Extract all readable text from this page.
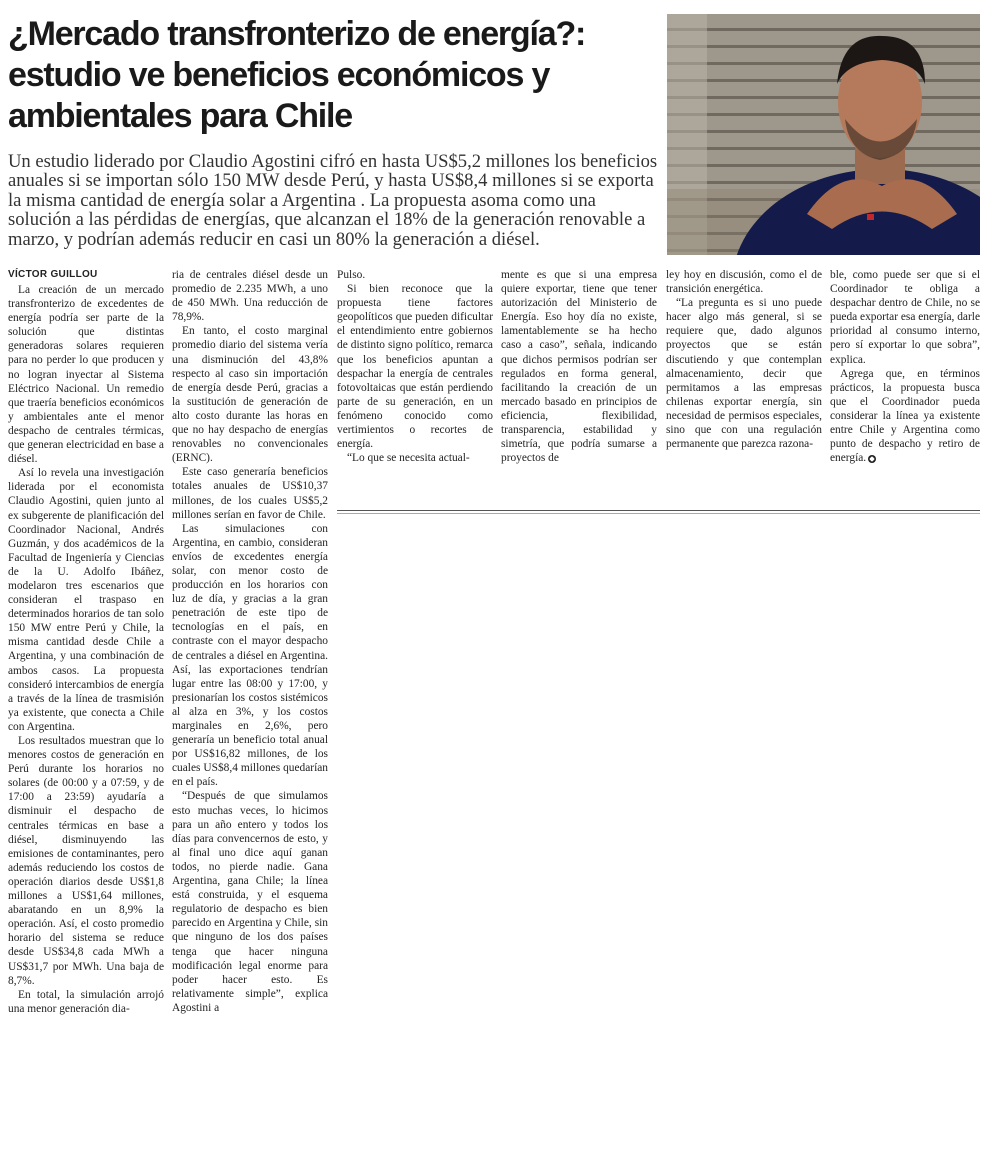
¿Mercado transfronterizo de energía?: estudio ve beneficios económicos y ambientales para Chile

Un estudio liderado por Claudio Agostini cifró en hasta US$5,2 millones los beneficios anuales si se importan sólo 150 MW desde Perú, y hasta US$8,4 millones si se exporta la misma cantidad de energía solar a Argentina . La propuesta asoma como una solución a las pérdidas de energías, que alcanzan el 18% de la generación renovable a marzo, y podrían además reducir en casi un 80% la generación a diésel.

VÍCTOR GUILLOU

La creación de un mercado transfronterizo de excedentes de energía podría ser parte de la solución que distintas generadoras solares requieren para no perder lo que producen y no logran inyectar al Sistema Eléctrico Nacional. Un remedio que traería beneficios económicos y ambientales ante el menor despacho de centrales térmicas, que generan electricidad en base a diésel.

Así lo revela una investigación liderada por el economista Claudio Agostini, quien junto al ex subgerente de planificación del Coordinador Nacional, Andrés Guzmán, y dos académicos de la Facultad de Ingeniería y Ciencias de la U. Adolfo Ibáñez, modelaron tres escenarios que consideran el traspaso en determinados horarios de tan solo 150 MW entre Perú y Chile, la misma cantidad desde Chile a Argentina, y una combinación de ambos casos. La propuesta consideró intercambios de energía a través de la línea de trasmisión ya existente, que conecta a Chile con Argentina.

Los resultados muestran que lo menores costos de generación en Perú durante los horarios no solares (de 00:00 y a 07:59, y de 17:00 a 23:59) ayudaría a disminuir el despacho de centrales térmicas en base a diésel, disminuyendo las emisiones de contaminantes, pero además reduciendo los costos de operación diarios desde US$1,8 millones a US$1,64 millones, abaratando en un 8,9% la operación. Así, el costo promedio horario del sistema se reduce desde US$34,8 cada MWh a US$31,7 por MWh. Una baja de 8,7%.

En total, la simulación arrojó una menor generación dia-

ria de centrales diésel desde un promedio de 2.235 MWh, a uno de 450 MWh. Una reducción de 78,9%.

En tanto, el costo marginal promedio diario del sistema vería una disminución del 43,8% respecto al caso sin importación de energía desde Perú, gracias a la sustitución de generación de alto costo durante las horas en que no hay despacho de energías renovables no convencionales (ERNC).

Este caso generaría beneficios totales anuales de US$10,37 millones, de los cuales US$5,2 millones serían en favor de Chile.

Las simulaciones con Argentina, en cambio, consideran envíos de excedentes energía solar, con menor costo de producción en los horarios con luz de día, y gracias a la gran penetración de este tipo de tecnologías en el país, en contraste con el mayor despacho de centrales a diésel en Argentina. Así, las exportaciones tendrían lugar entre las 08:00 y 17:00, y presionarían los costos sistémicos al alza en 3%, y los costos marginales en 2,6%, pero generaría un beneficio total anual por US$16,82 millones, de los cuales US$8,4 millones quedarían en el país.

“Después de que simulamos esto muchas veces, lo hicimos para un año entero y todos los días para convencernos de esto, y al final uno dice aquí ganan todos, no pierde nadie. Gana Argentina, gana Chile; la línea está construida, y el esquema regulatorio de despacho es bien parecido en Argentina y Chile, sin que ninguno de los dos países tenga que hacer ninguna modificación legal enorme para poder hacer esto. Es relativamente simple”, explica Agostini a

Pulso.

Si bien reconoce que la propuesta tiene factores geopolíticos que pueden dificultar el entendimiento entre gobiernos de distinto signo político, remarca que los beneficios apuntan a despachar la energía de centrales fotovoltaicas que están perdiendo parte de su generación, en un fenómeno conocido como vertimientos o recortes de energía.

“Lo que se necesita actual-

mente es que si una empresa quiere exportar, tiene que tener autorización del Ministerio de Energía. Eso hoy día no existe, lamentablemente se ha hecho caso a caso”, señala, indicando que dichos permisos podrían ser regulados en forma general, facilitando la creación de un mercado basado en principios de eficiencia, flexibilidad, transparencia, estabilidad y simetría, que podría sumarse a proyectos de

ley hoy en discusión, como el de transición energética.

“La pregunta es si uno puede hacer algo más general, si se requiere que, dado algunos proyectos que se están discutiendo y que contemplan almacenamiento, decir que permitamos a las empresas chilenas exportar energía, sin necesidad de permisos especiales, sino que con una regulación permanente que parezca razona-

ble, como puede ser que si el Coordinador te obliga a despachar dentro de Chile, no se pueda exportar esa energía, darle prioridad al consumo interno, pero sí exportar lo que sobra”, explica.

Agrega que, en términos prácticos, la propuesta busca que el Coordinador pueda considerar la línea ya existente entre Chile y Argentina como punto de despacho y retiro de energía.
